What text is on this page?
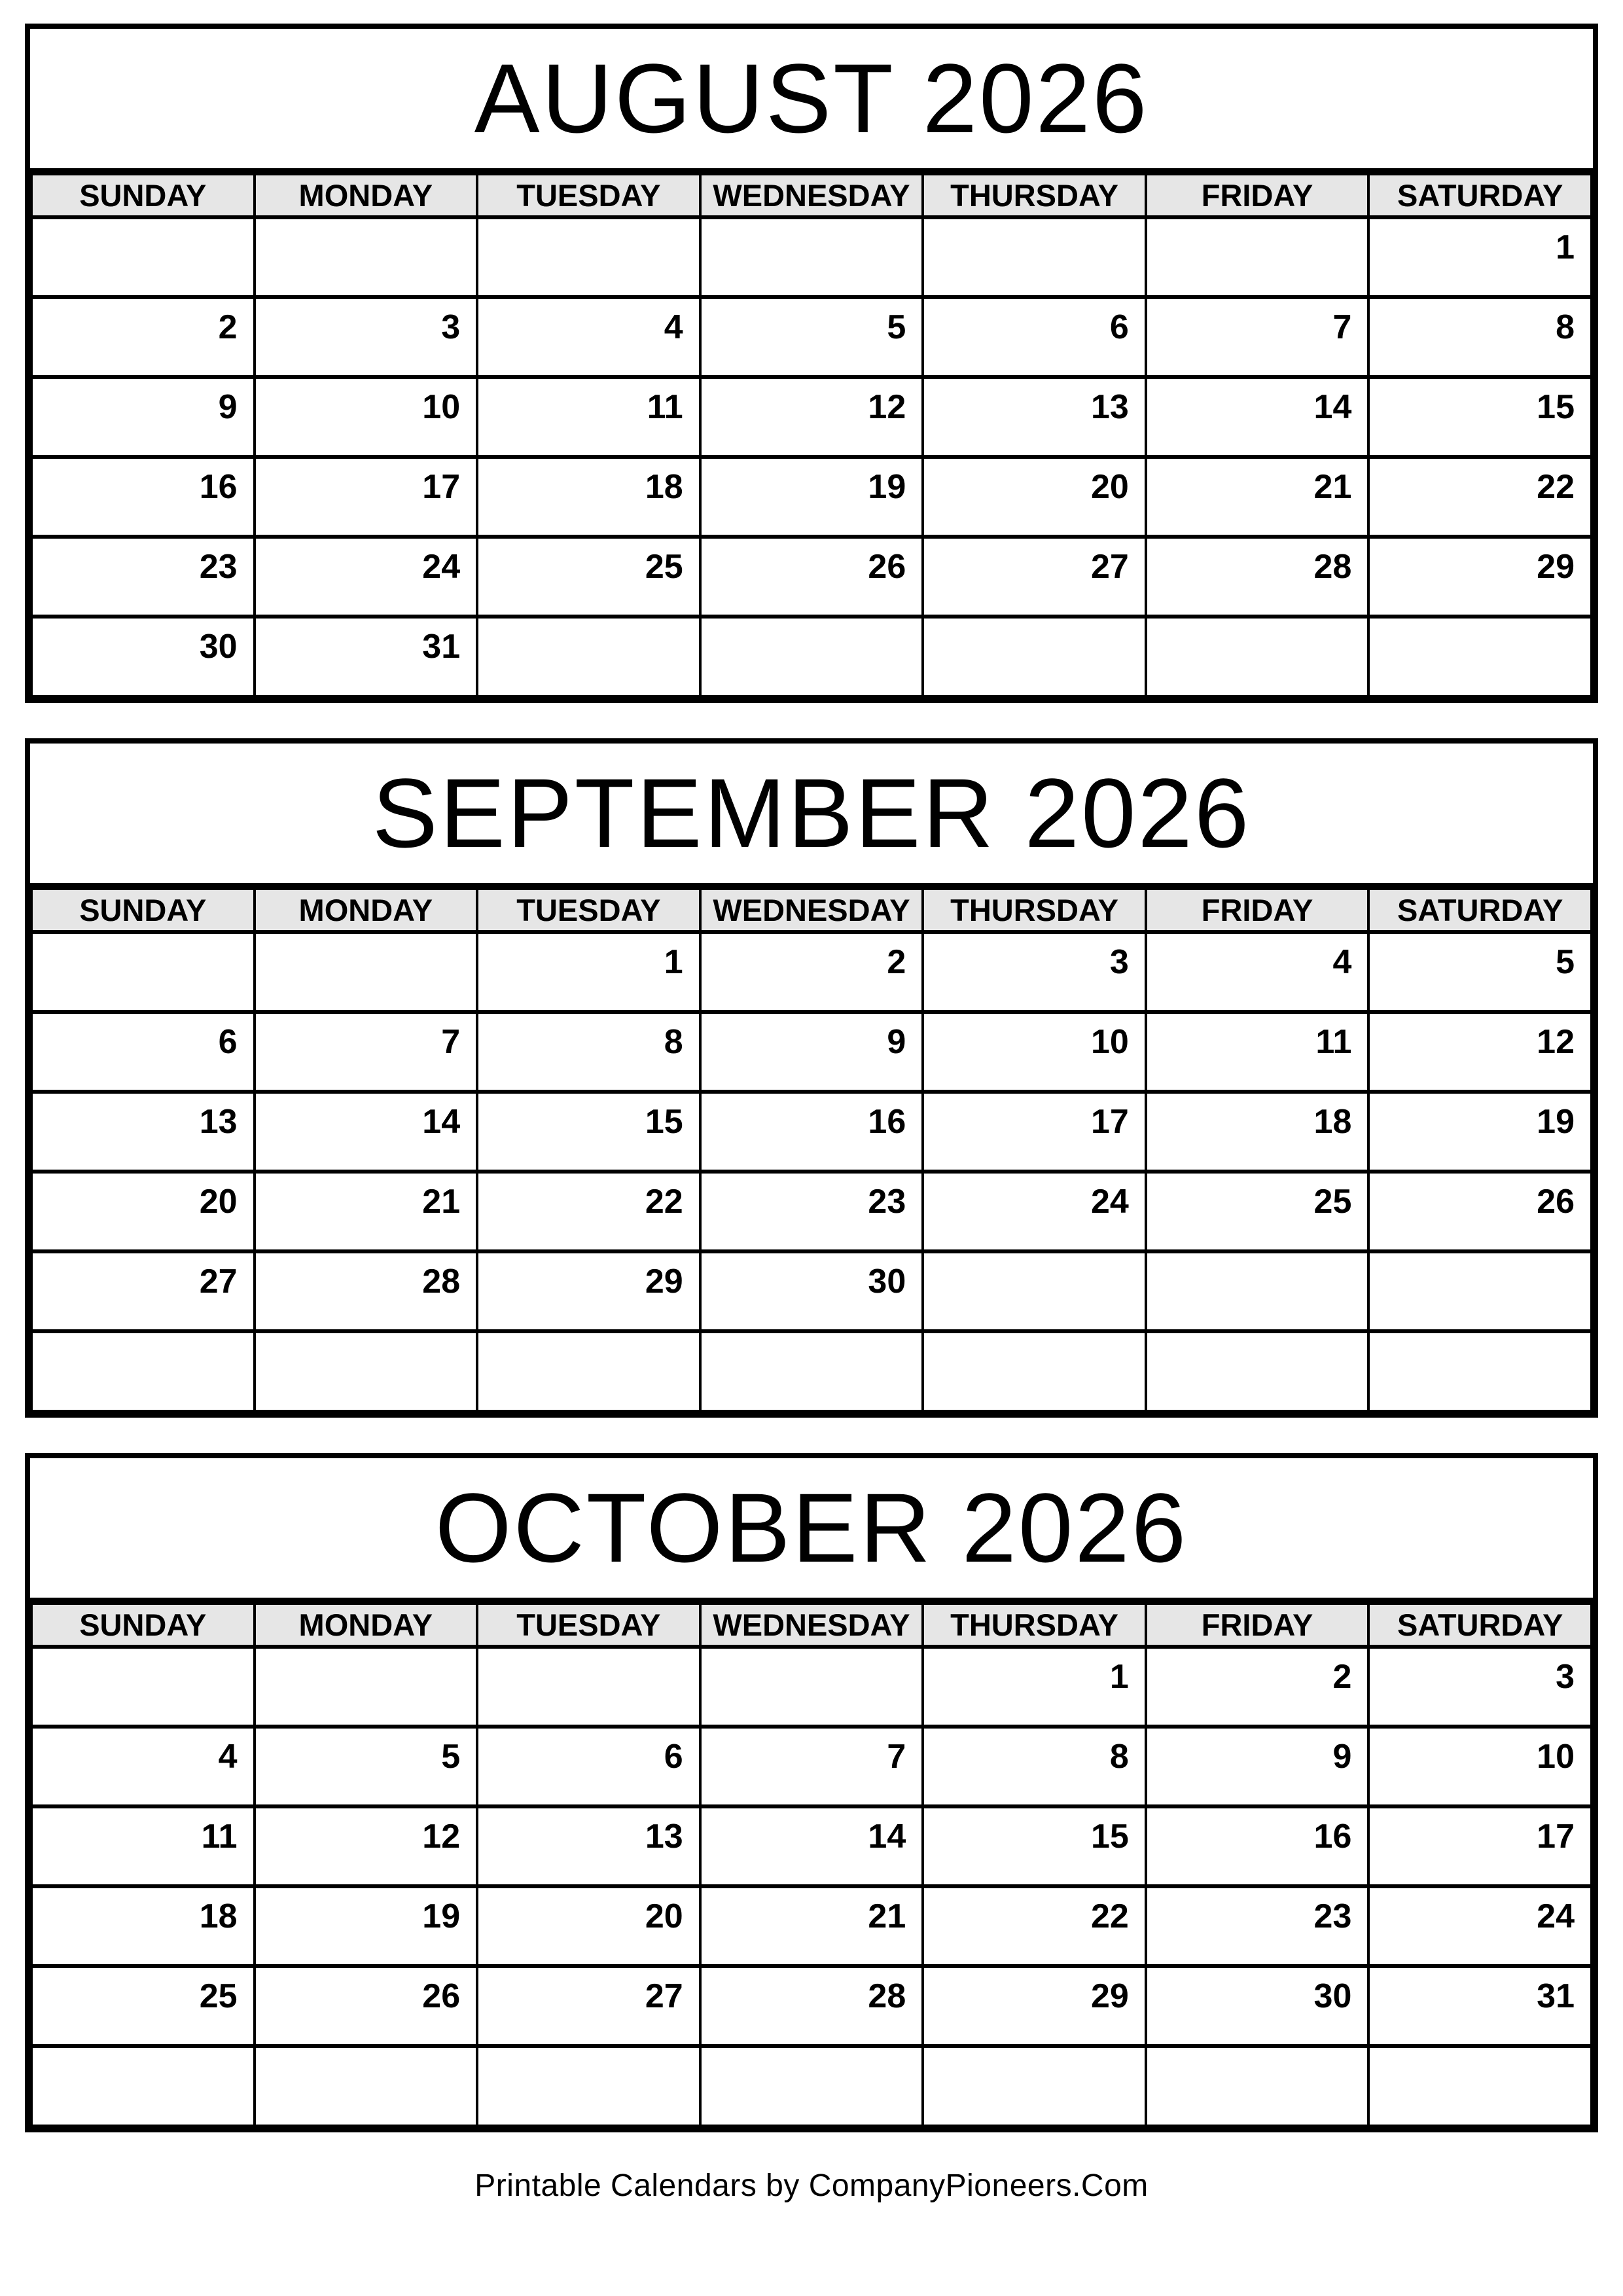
AUGUST 2026
SUNDAY	MONDAY	TUESDAY	WEDNESDAY	THURSDAY	FRIDAY	SATURDAY
						1
2	3	4	5	6	7	8
9	10	11	12	13	14	15
16	17	18	19	20	21	22
23	24	25	26	27	28	29
30	31					
SEPTEMBER 2026
SUNDAY	MONDAY	TUESDAY	WEDNESDAY	THURSDAY	FRIDAY	SATURDAY
		1	2	3	4	5
6	7	8	9	10	11	12
13	14	15	16	17	18	19
20	21	22	23	24	25	26
27	28	29	30			

OCTOBER 2026
SUNDAY	MONDAY	TUESDAY	WEDNESDAY	THURSDAY	FRIDAY	SATURDAY
				1	2	3
4	5	6	7	8	9	10
11	12	13	14	15	16	17
18	19	20	21	22	23	24
25	26	27	28	29	30	31

Printable Calendars by CompanyPioneers.Com
